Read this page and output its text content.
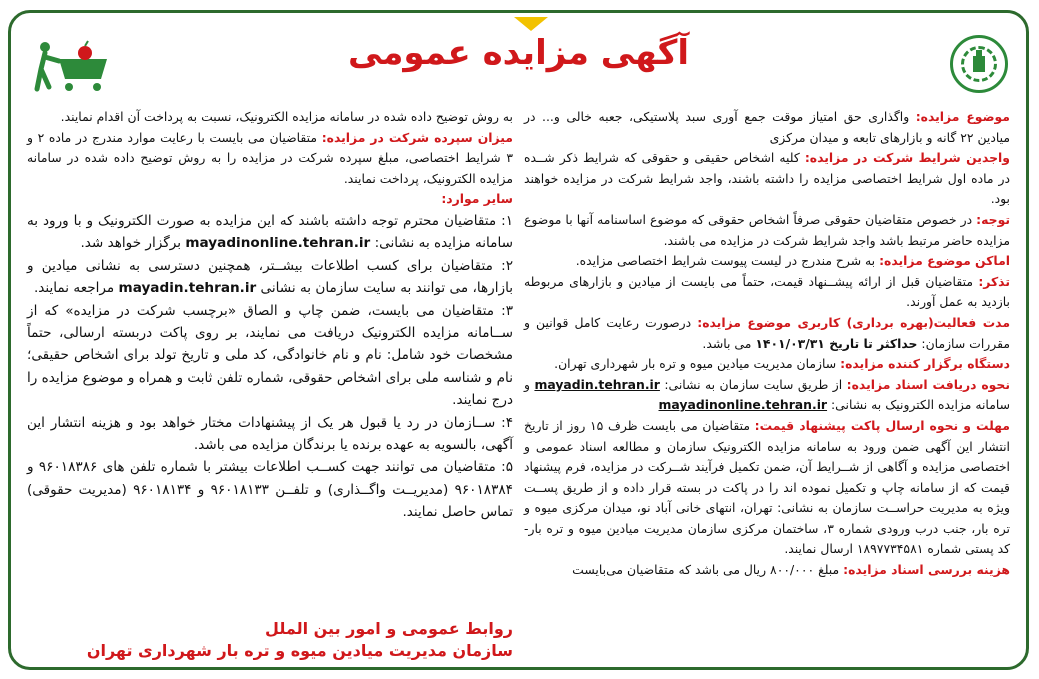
آگهی مزایده عمومی

موضوع مزایده: واگذاری حق امتیاز موقت جمع آوری سبد پلاستیکی، جعبه خالی و... در میادین ۲۲ گانه و بازارهای تابعه و میدان مرکزی

واجدین شرایط شرکت در مزایده: کلیه اشخاص حقیقی و حقوقی که شرایط ذکر شــده در ماده اول شرایط اختصاصی مزایده را داشته باشند، واجد شرایط شرکت در مزایده خواهند بود.

توجه: در خصوص متقاضیان حقوقی صرفاً اشخاص حقوقی که موضوع اساسنامه آنها با موضوع مزایده حاضر مرتبط باشد واجد شرایط شرکت در مزایده می باشند.

اماکن موضوع مزایده: به شرح مندرج در لیست پیوست شرایط اختصاصی مزایده.

تذکر: متقاضیان قبل از ارائه پیشــنهاد قیمت، حتماً می بایست از میادین و بازارهای مربوطه بازدید به عمل آورند.

مدت فعالیت(بهره برداری) کاربری موضوع مزایده: درصورت رعایت کامل قوانین و مقررات سازمان: حداکثر تا تاریخ ۱۴۰۱/۰۳/۳۱ می باشد.

دستگاه برگزار کننده مزایده: سازمان مدیریت میادین میوه و تره بار شهرداری تهران.

نحوه دریافت اسناد مزایده: از طریق سایت سازمان به نشانی: mayadin.tehran.ir و سامانه مزایده الکترونیک به نشانی: mayadinonline.tehran.ir

مهلت و نحوه ارسال پاکت پیشنهاد قیمت: متقاضیان می بایست ظرف ۱۵ روز از تاریخ انتشار این آگهی ضمن ورود به سامانه مزایده الکترونیک سازمان و مطالعه اسناد عمومی و اختصاصی مزایده و آگاهی از شــرایط آن، ضمن تکمیل فرآیند شــرکت در مزایده، فرم پیشنهاد قیمت که از سامانه چاپ و تکمیل نموده اند را در پاکت در بسته قرار داده و از طریق پســت ویژه به مدیریت حراســت سازمان به نشانی: تهران، انتهای خانی آباد نو، میدان مرکزی میوه و تره بار، جنب درب ورودی شماره ۳، ساختمان مرکزی سازمان مدیریت میادین میوه و تره بار- کد پستی شماره ۱۸۹۷۷۳۴۵۸۱ ارسال نمایند.

هزینه بررسی اسناد مزایده: مبلغ ۸۰۰/۰۰۰ ریال می باشد که متقاضیان می‌بایست

به روش توضیح داده شده در سامانه مزایده الکترونیک، نسبت به پرداخت آن اقدام نمایند.

میزان سپرده شرکت در مزایده: متقاضیان می بایست با رعایت موارد مندرج در ماده ۲ و ۳ شرایط اختصاصی، مبلغ سپرده شرکت در مزایده را به روش توضیح داده شده در سامانه مزایده الکترونیک، پرداخت نمایند.

سایر موارد:

۱: متقاضیان محترم توجه داشته باشند که این مزایده به صورت الکترونیک و با ورود به سامانه مزایده به نشانی: mayadinonline.tehran.ir برگزار خواهد شد.

۲: متقاضیان برای کسب اطلاعات بیشــتر، همچنین دسترسی به نشانی میادین و بازارها، می توانند به سایت سازمان به نشانی mayadin.tehran.ir مراجعه نمایند.

۳: متقاضیان می بایست، ضمن چاپ و الصاق «برچسب شرکت در مزایده» که از ســامانه مزایده الکترونیک دریافت می نمایند، بر روی پاکت دربسته ارسالی، حتماً مشخصات خود شامل: نام و نام خانوادگی، کد ملی و تاریخ تولد برای اشخاص حقیقی؛ نام و شناسه ملی برای اشخاص حقوقی، شماره تلفن ثابت و همراه و موضوع مزایده را درج نمایند.

۴: ســازمان در رد یا قبول هر یک از پیشنهادات مختار خواهد بود و هزینه انتشار این آگهی، بالسویه به عهده برنده یا برندگان مزایده می باشد.

۵: متقاضیان می توانند جهت کســب اطلاعات بیشتر با شماره تلفن های ۹۶۰۱۸۳۸۶ و ۹۶۰۱۸۳۸۴ (مدیریــت واگــذاری) و تلفــن ۹۶۰۱۸۱۳۳ و ۹۶۰۱۸۱۳۴ (مدیریت حقوقی) تماس حاصل نمایند.

روابط عمومی و امور بین الملل
سازمان مدیریت میادین میوه و تره بار شهرداری تهران
